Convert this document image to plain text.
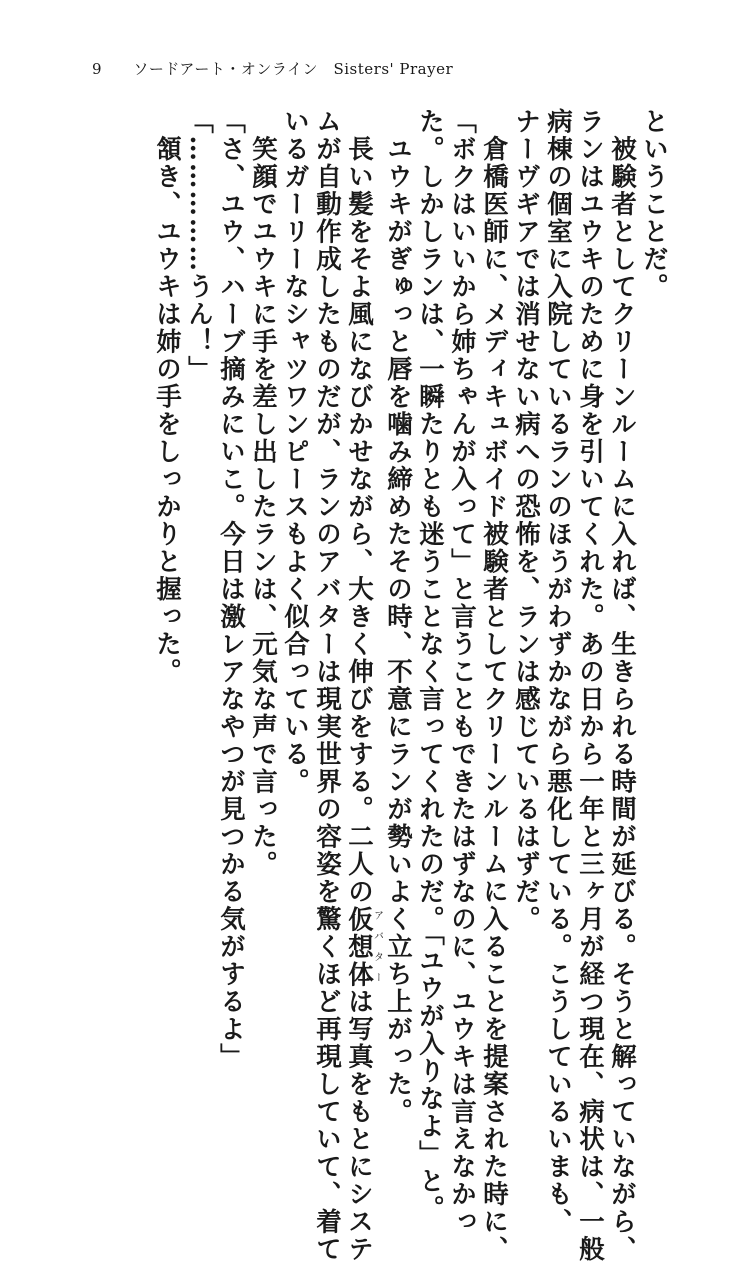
9 ソードアート・オンライン　Sisters' Prayer
ということだ。
　被験者としてクリーンルームに入れば、生きられる時間が延びる。そうと解っていながら、
ランはユウキのために身を引いてくれた。あの日から一年と三ヶ月が経つ現在、病状は、一般
病棟の個室に入院しているランのほうがわずかながら悪化している。こうしているいまも、
ナーヴギアでは消せない病への恐怖を、ランは感じているはずだ。
　倉橋医師に、メディキュボイド被験者としてクリーンルームに入ることを提案された時に、
「ボクはいいから姉ちゃんが入って」と言うこともできたはずなのに、ユウキは言えなかっ
た。しかしランは、一瞬たりとも迷うことなく言ってくれたのだ。「ユウが入りなよ」と。
　ユウキがぎゅっと唇を噛み締めたその時、不意にランが勢いよく立ち上がった。
　長い髪をそよ風になびかせながら、大きく伸びをする。二人の仮想体アバターは写真をもとにシステ
ムが自動作成したものだが、ランのアバターは現実世界の容姿を驚くほど再現していて、着て
いるガーリーなシャツワンピースもよく似合っている。
　笑顔でユウキに手を差し出したランは、元気な声で言った。
「さ、ユウ、ハーブ摘みにいこ。今日は激レアなやつが見つかる気がするよ」
「……………うん！」
　頷き、ユウキは姉の手をしっかりと握った。
